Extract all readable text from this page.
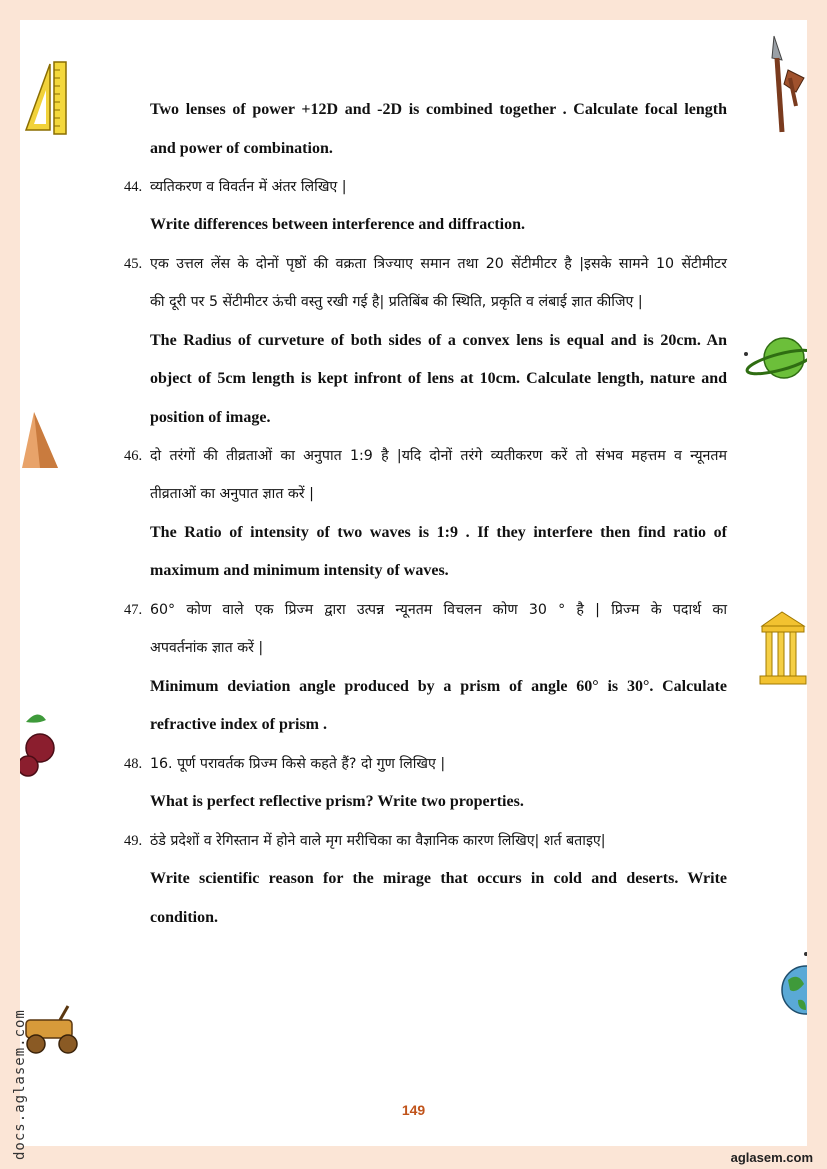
Two lenses of power +12D and -2D is combined together . Calculate focal length
and power of combination.
44. व्यतिकरण व विवर्तन में अंतर लिखिए |
Write differences between interference and diffraction.
45. एक उत्तल लेंस के दोनों पृष्ठों की वक्रता त्रिज्याए समान तथा 20 सेंटीमीटर है |इसके सामने 10 सेंटीमीटर
की दूरी पर 5 सेंटीमीटर ऊंची वस्तु रखी गई है| प्रतिबिंब की स्थिति, प्रकृति व लंबाई ज्ञात कीजिए |
The Radius of curveture of both sides of a convex lens is equal and is 20cm. An
object of 5cm length is kept infront of lens at 10cm. Calculate length, nature and
position of image.
46. दो तरंगों की तीव्रताओं का अनुपात 1:9 है |यदि दोनों तरंगे व्यतीकरण करें तो संभव महत्तम व न्यूनतम
तीव्रताओं का अनुपात ज्ञात करें |
The Ratio of intensity of two waves is 1:9 . If they interfere then find ratio of
maximum and minimum intensity of waves.
47. 60° कोण वाले एक प्रिज्म द्वारा उत्पन्न न्यूनतम विचलन कोण 30 ° है | प्रिज्म के पदार्थ का
अपवर्तनांक ज्ञात करें |
Minimum deviation angle produced by a prism of angle 60° is 30°. Calculate
refractive index of prism .
48. 16. पूर्ण परावर्तक प्रिज्म किसे कहते हैं? दो गुण लिखिए |
What is perfect reflective prism? Write two properties.
49. ठंडे प्रदेशों व रेगिस्तान में होने वाले मृग मरीचिका का वैज्ञानिक कारण लिखिए| शर्त बताइए|
Write scientific reason for the mirage that occurs in cold and deserts. Write
condition.
149
aglasem.com
docs.aglasem.com
